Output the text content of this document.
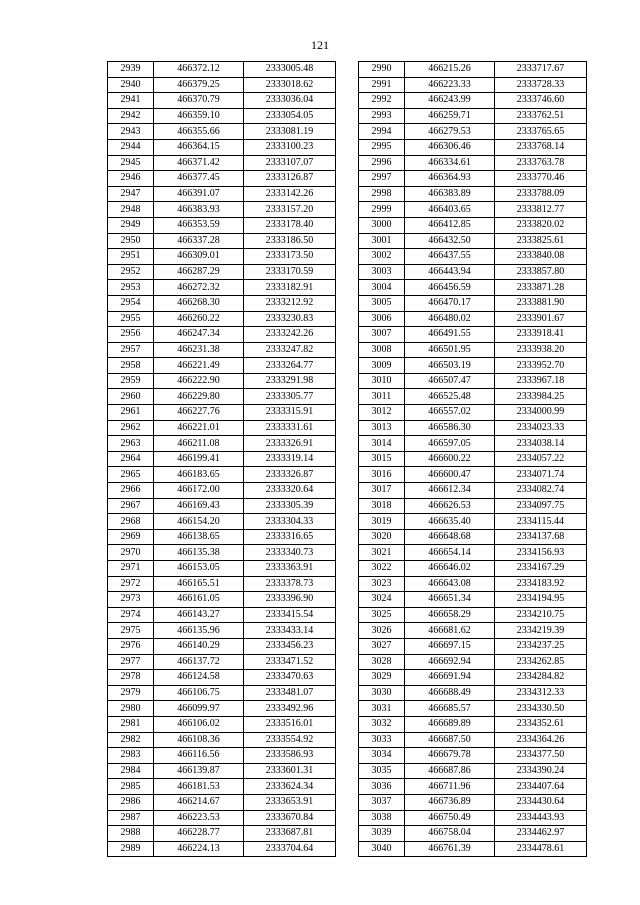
121
2939	466372.12	2333005.48
2940	466379.25	2333018.62
2941	466370.79	2333036.04
2942	466359.10	2333054.05
2943	466355.66	2333081.19
2944	466364.15	2333100.23
2945	466371.42	2333107.07
2946	466377.45	2333126.87
2947	466391.07	2333142.26
2948	466383.93	2333157.20
2949	466353.59	2333178.40
2950	466337.28	2333186.50
2951	466309.01	2333173.50
2952	466287.29	2333170.59
2953	466272.32	2333182.91
2954	466268.30	2333212.92
2955	466260.22	2333230.83
2956	466247.34	2333242.26
2957	466231.38	2333247.82
2958	466221.49	2333264.77
2959	466222.90	2333291.98
2960	466229.80	2333305.77
2961	466227.76	2333315.91
2962	466221.01	2333331.61
2963	466211.08	2333326.91
2964	466199.41	2333319.14
2965	466183.65	2333326.87
2966	466172.00	2333320.64
2967	466169.43	2333305.39
2968	466154.20	2333304.33
2969	466138.65	2333316.65
2970	466135.38	2333340.73
2971	466153.05	2333363.91
2972	466165.51	2333378.73
2973	466161.05	2333396.90
2974	466143.27	2333415.54
2975	466135.96	2333433.14
2976	466140.29	2333456.23
2977	466137.72	2333471.52
2978	466124.58	2333470.63
2979	466106.75	2333481.07
2980	466099.97	2333492.96
2981	466106.02	2333516.01
2982	466108.36	2333554.92
2983	466116.56	2333586.93
2984	466139.87	2333601.31
2985	466181.53	2333624.34
2986	466214.67	2333653.91
2987	466223.53	2333670.84
2988	466228.77	2333687.81
2989	466224.13	2333704.64
2990	466215.26	2333717.67
2991	466223.33	2333728.33
2992	466243.99	2333746.60
2993	466259.71	2333762.51
2994	466279.53	2333765.65
2995	466306.46	2333768.14
2996	466334.61	2333763.78
2997	466364.93	2333770.46
2998	466383.89	2333788.09
2999	466403.65	2333812.77
3000	466412.85	2333820.02
3001	466432.50	2333825.61
3002	466437.55	2333840.08
3003	466443.94	2333857.80
3004	466456.59	2333871.28
3005	466470.17	2333881.90
3006	466480.02	2333901.67
3007	466491.55	2333918.41
3008	466501.95	2333938.20
3009	466503.19	2333952.70
3010	466507.47	2333967.18
3011	466525.48	2333984.25
3012	466557.02	2334000.99
3013	466586.30	2334023.33
3014	466597.05	2334038.14
3015	466600.22	2334057.22
3016	466600.47	2334071.74
3017	466612.34	2334082.74
3018	466626.53	2334097.75
3019	466635.40	2334115.44
3020	466648.68	2334137.68
3021	466654.14	2334156.93
3022	466646.02	2334167.29
3023	466643.08	2334183.92
3024	466651.34	2334194.95
3025	466658.29	2334210.75
3026	466681.62	2334219.39
3027	466697.15	2334237.25
3028	466692.94	2334262.85
3029	466691.94	2334284.82
3030	466688.49	2334312.33
3031	466685.57	2334330.50
3032	466689.89	2334352.61
3033	466687.50	2334364.26
3034	466679.78	2334377.50
3035	466687.86	2334390.24
3036	466711.96	2334407.64
3037	466736.89	2334430.64
3038	466750.49	2334443.93
3039	466758.04	2334462.97
3040	466761.39	2334478.61
